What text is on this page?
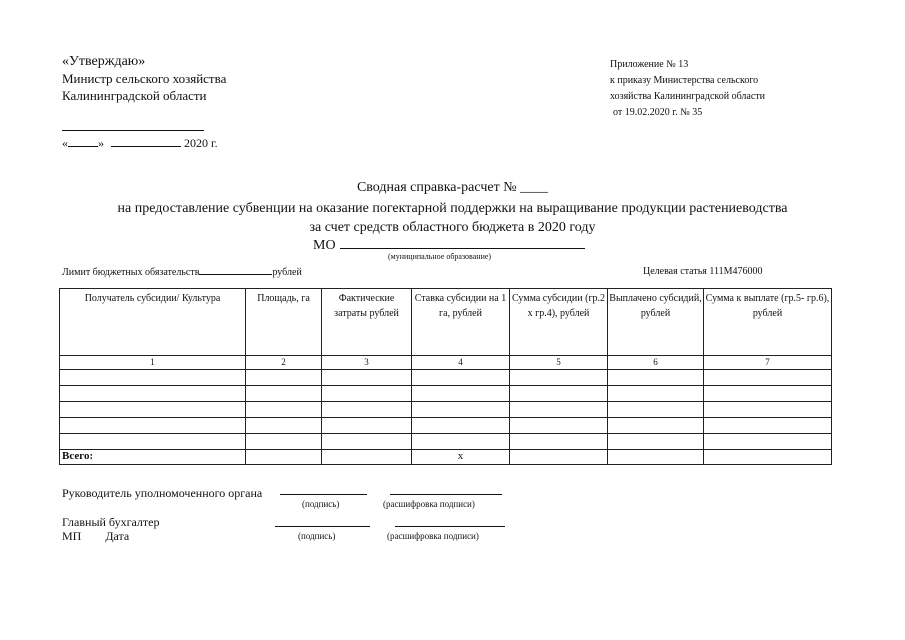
«Утверждаю»
Министр сельского хозяйства
Калининградской области
«	»	2020 г.
Приложение № 13
к приказу Министерства сельского
хозяйства Калининградской области
от 19.02.2020 г. № 35
Сводная справка-расчет № ____
на предоставление субвенции на оказание погектарной поддержки на выращивание продукции растениеводства
за счет средств областного бюджета в 2020 году
МО
(муниципальное образование)
Лимит бюджетных обязательств	рублей	Целевая статья 111M476000
Получатель субсидии/ Культура	Площадь, га	Фактические затраты рублей	Ставка субсидии на 1 га, рублей	Сумма субсидии (гр.2 х гр.4), рублей	Выплачено субсидий, рублей	Сумма к выплате (гр.5- гр.6), рублей
1	2	3	4	5	6	7

Всего:			x			
Руководитель уполномоченного органа
(подпись)	(расшифровка подписи)
Главный бухгалтер
МП Дата	(подпись)	(расшифровка подписи)
